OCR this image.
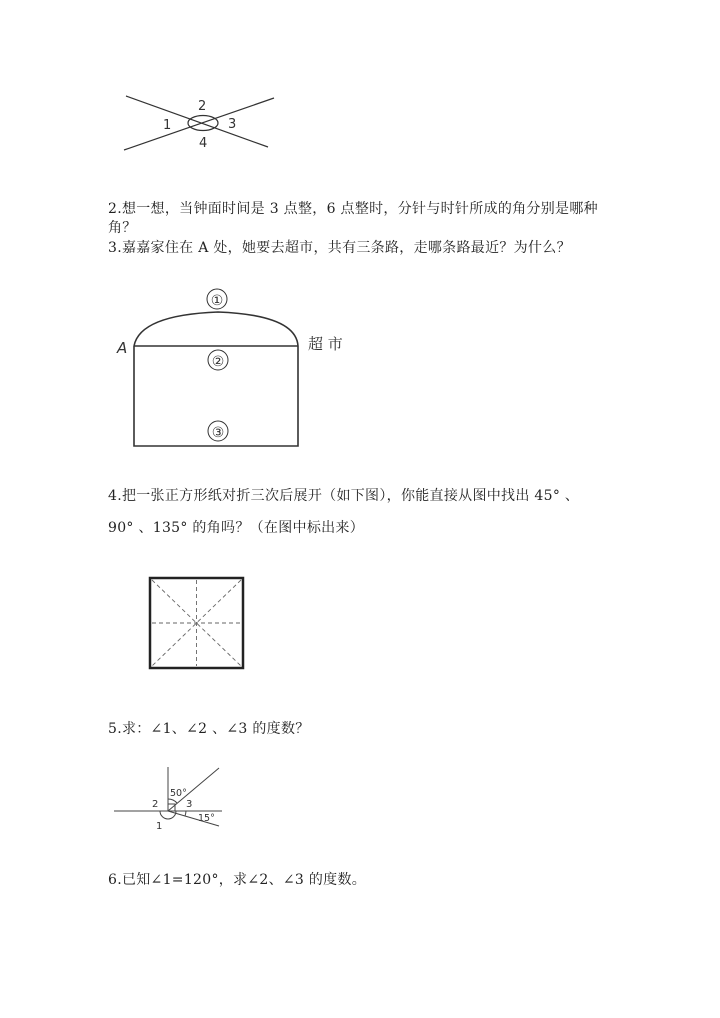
1
2
3
4
2.想一想，当钟面时间是 3 点整，6 点整时，分针与时针所成的角分别是哪种
角？
3.嘉嘉家住在 A 处，她要去超市，共有三条路，走哪条路最近？为什么？
A	超 市
①
②
③
4.把一张正方形纸对折三次后展开（如下图），你能直接从图中找出 45° 、
90° 、135° 的角吗？（在图中标出来）
5.求：∠1、∠2 、∠3 的度数？
50°
2	3
15°
1
6.已知∠1=120°，求∠2、∠3 的度数。
